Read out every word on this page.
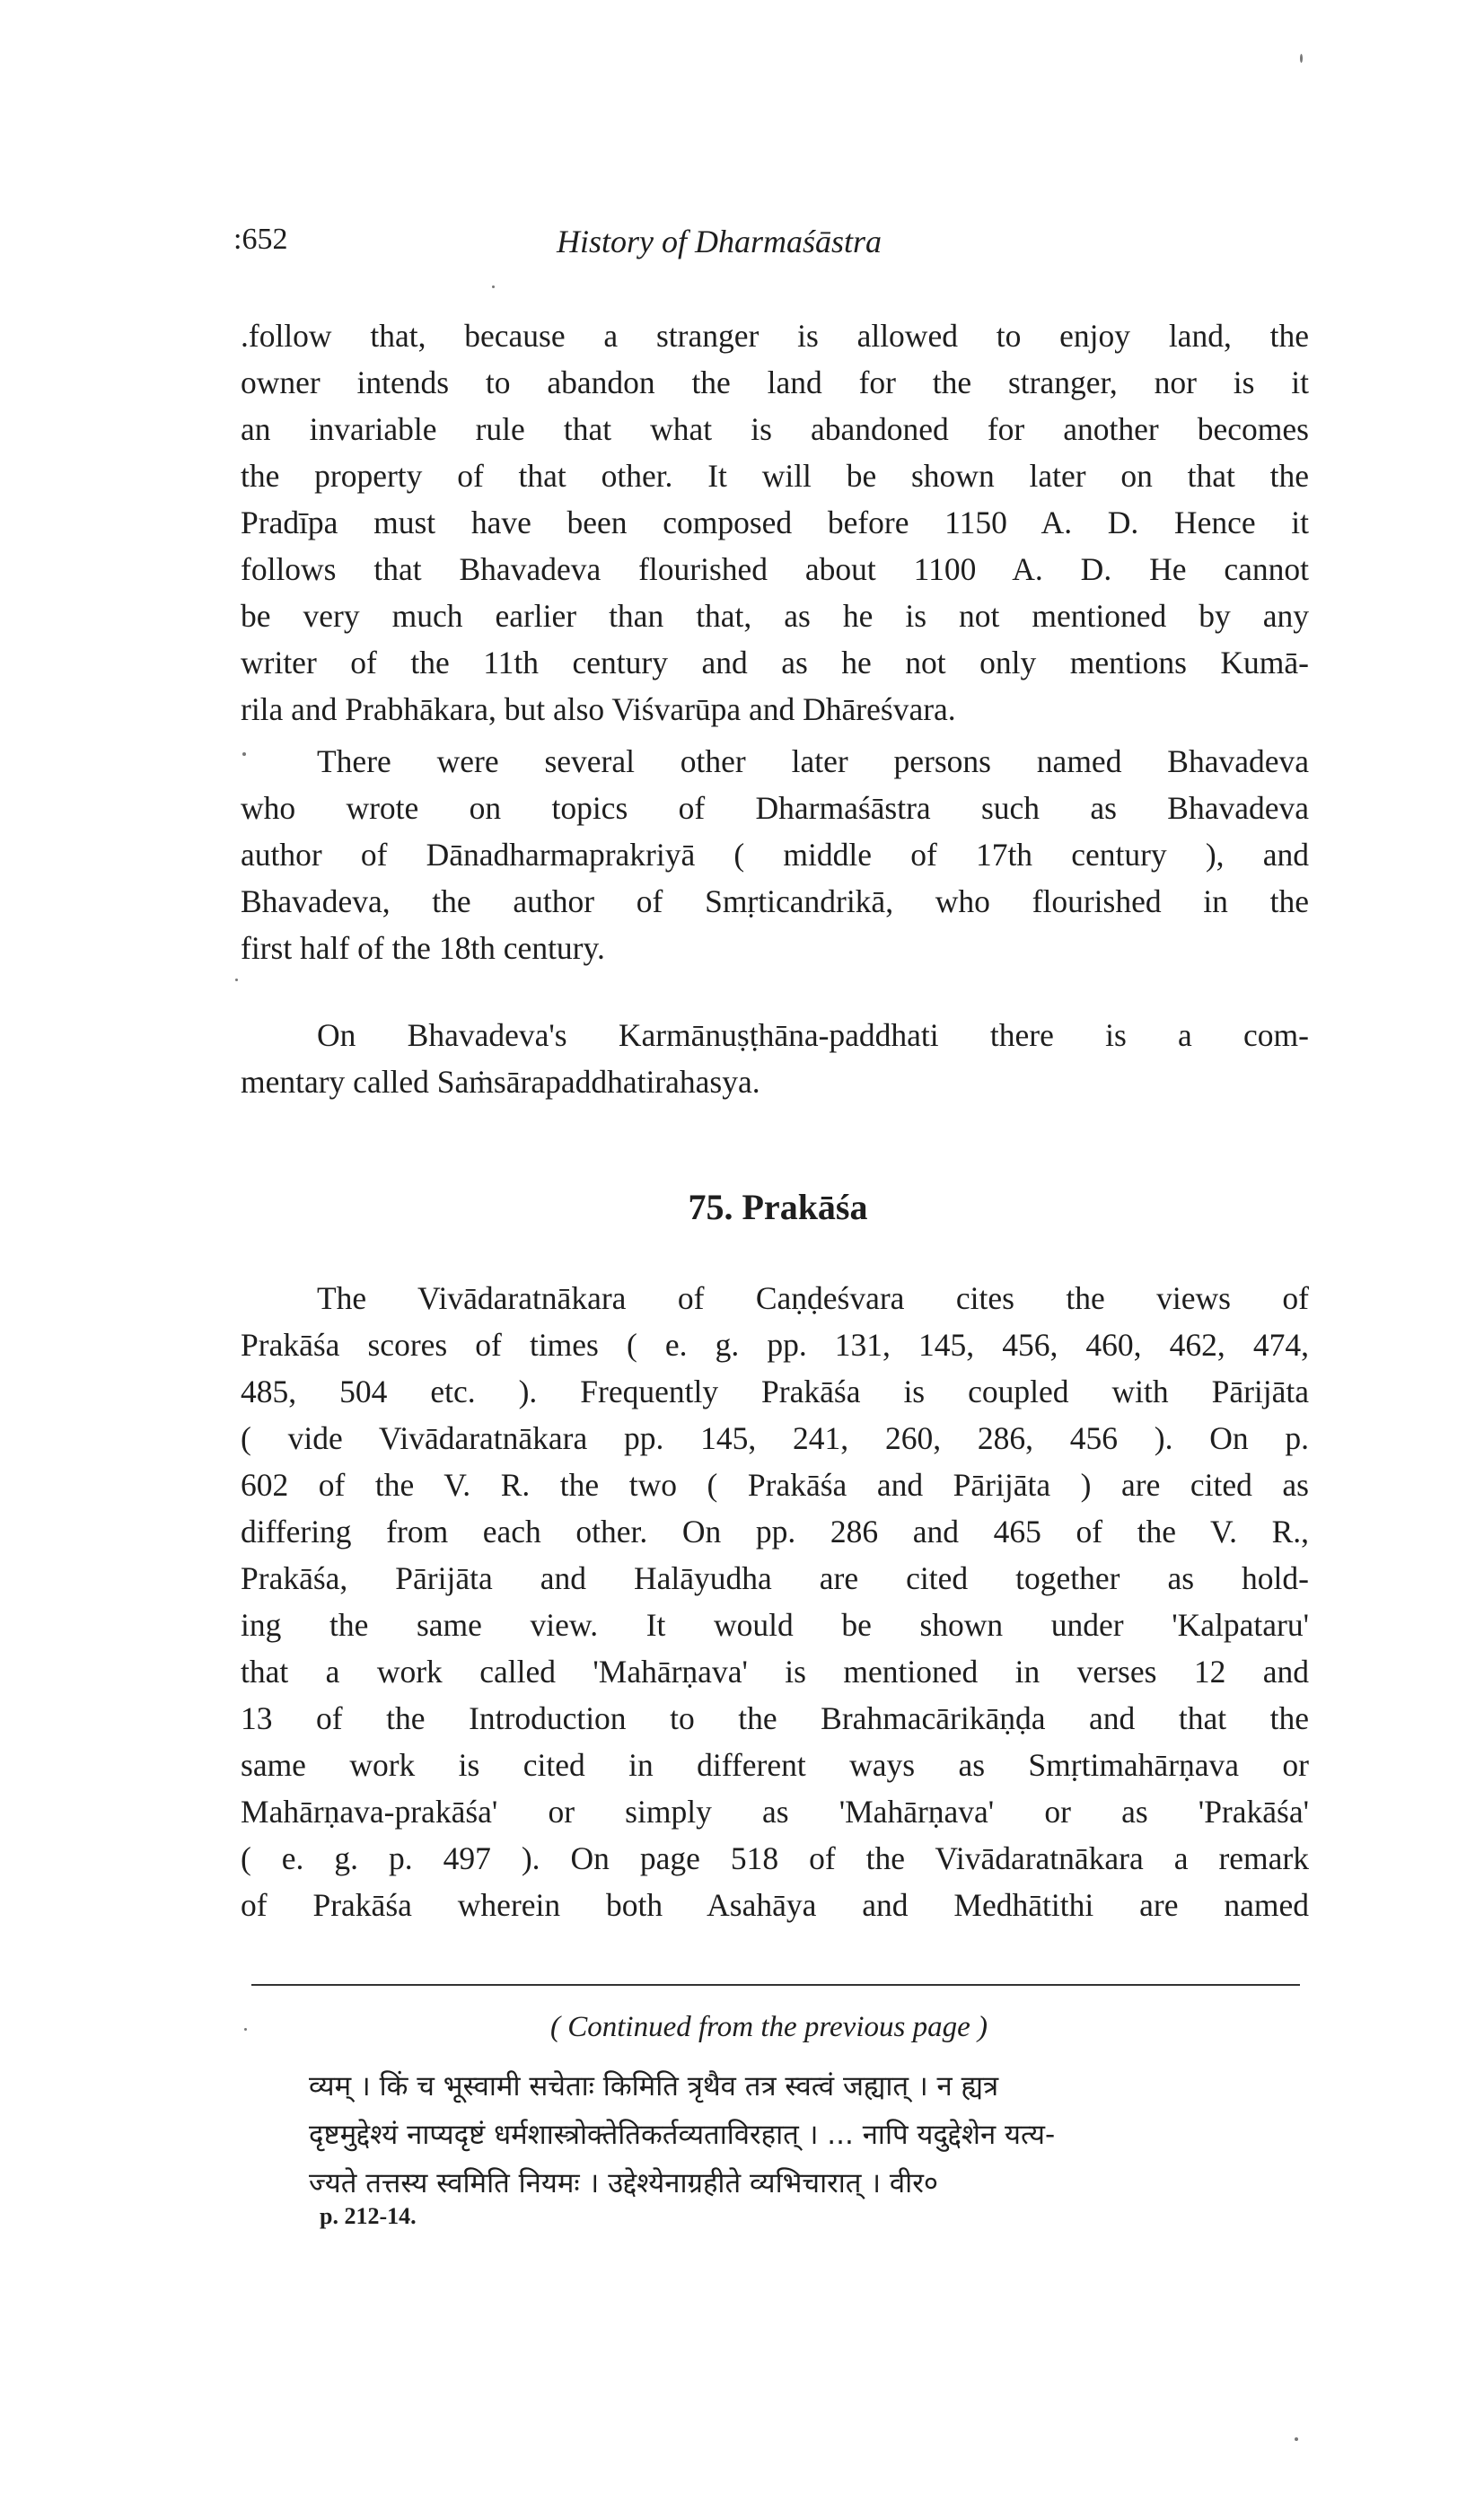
:652	History of Dharmaśāstra
.follow that, because a stranger is allowed to enjoy land, the
owner intends to abandon the land for the stranger, nor is it
an invariable rule that what is abandoned for another becomes
the property of that other. It will be shown later on that the
Pradīpa must have been composed before 1150 A. D. Hence it
follows that Bhavadeva flourished about 1100 A. D. He cannot
be very much earlier than that, as he is not mentioned by any
writer of the 11th century and as he not only mentions Kumā-
rila and Prabhākara, but also Viśvarūpa and Dhāreśvara.
There were several other later persons named Bhavadeva
who wrote on topics of Dharmaśāstra such as Bhavadeva
author of Dānadharmaprakriyā ( middle of 17th century ), and
Bhavadeva, the author of Smṛticandrikā, who flourished in the
first half of the 18th century.
On Bhavadeva's Karmānuṣṭhāna-paddhati there is a com-
mentary called Saṁsārapaddhatirahasya.
75. Prakāśa
The Vivādaratnākara of Caṇḍeśvara cites the views of
Prakāśa scores of times ( e. g. pp. 131, 145, 456, 460, 462, 474,
485, 504 etc. ). Frequently Prakāśa is coupled with Pārijāta
( vide Vivādaratnākara pp. 145, 241, 260, 286, 456 ). On p.
602 of the V. R. the two ( Prakāśa and Pārijāta ) are cited as
differing from each other. On pp. 286 and 465 of the V. R.,
Prakāśa, Pārijāta and Halāyudha are cited together as hold-
ing the same view. It would be shown under 'Kalpataru'
that a work called 'Mahārṇava' is mentioned in verses 12 and
13 of the Introduction to the Brahmacārikāṇḍa and that the
same work is cited in different ways as Smṛtimahārṇava or
Mahārṇava-prakāśa' or simply as 'Mahārṇava' or as 'Prakāśa'
( e. g. p. 497 ). On page 518 of the Vivādaratnākara a remark
of Prakāśa wherein both Asahāya and Medhātithi are named
( Continued from the previous page )
व्यम् । किं च भूस्वामी सचेताः किमिति त्रृथैव तत्र स्वत्वं जह्यात् । न ह्यत्र
दृष्टमुद्देश्यं नाप्यदृष्टं धर्मशास्त्रोक्तेतिकर्तव्यताविरहात् । ... नापि यदुद्देशेन यत्य-
ज्यते तत्तस्य स्वमिति नियमः । उद्देश्येनाग्रहीते व्यभिचारात् । वीर०
p. 212-14.
